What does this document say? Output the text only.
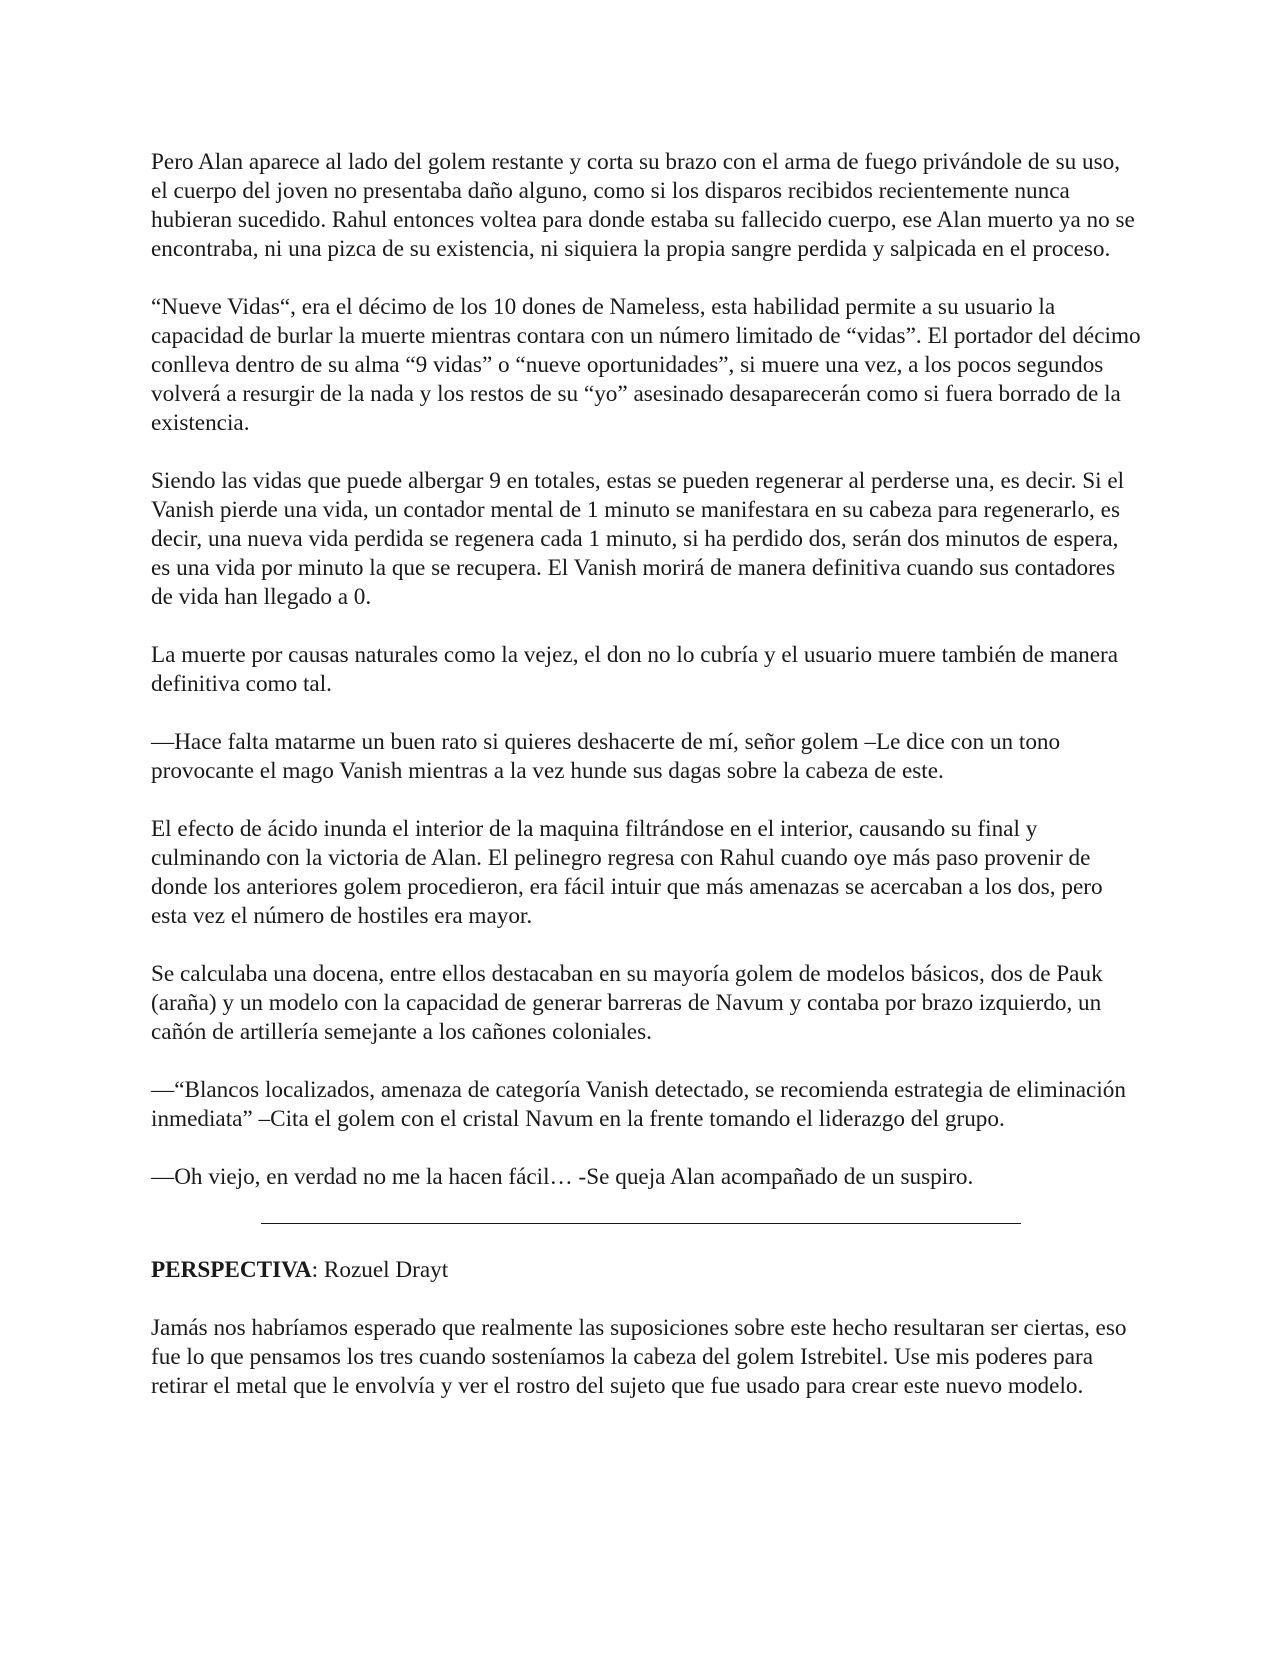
Pero Alan aparece al lado del golem restante y corta su brazo con el arma de fuego privándole de su uso, el cuerpo del joven no presentaba daño alguno, como si los disparos recibidos recientemente nunca hubieran sucedido. Rahul entonces voltea para donde estaba su fallecido cuerpo, ese Alan muerto ya no se encontraba, ni una pizca de su existencia, ni siquiera la propia sangre perdida y salpicada en el proceso.

“Nueve Vidas“, era el décimo de los 10 dones de Nameless, esta habilidad permite a su usuario la capacidad de burlar la muerte mientras contara con un número limitado de “vidas”. El portador del décimo conlleva dentro de su alma “9 vidas” o “nueve oportunidades”, si muere una vez, a los pocos segundos volverá a resurgir de la nada y los restos de su “yo” asesinado desaparecerán como si fuera borrado de la existencia.

Siendo las vidas que puede albergar 9 en totales, estas se pueden regenerar al perderse una, es decir. Si el Vanish pierde una vida, un contador mental de 1 minuto se manifestara en su cabeza para regenerarlo, es decir, una nueva vida perdida se regenera cada 1 minuto, si ha perdido dos, serán dos minutos de espera, es una vida por minuto la que se recupera. El Vanish morirá de manera definitiva cuando sus contadores de vida han llegado a 0.

La muerte por causas naturales como la vejez, el don no lo cubría y el usuario muere también de manera definitiva como tal.

—Hace falta matarme un buen rato si quieres deshacerte de mí, señor golem –Le dice con un tono provocante el mago Vanish mientras a la vez hunde sus dagas sobre la cabeza de este.

El efecto de ácido inunda el interior de la maquina filtrándose en el interior, causando su final y culminando con la victoria de Alan. El pelinegro regresa con Rahul cuando oye más paso provenir de donde los anteriores golem procedieron, era fácil intuir que más amenazas se acercaban a los dos, pero esta vez el número de hostiles era mayor.

Se calculaba una docena, entre ellos destacaban en su mayoría golem de modelos básicos, dos de Pauk (araña) y un modelo con la capacidad de generar barreras de Navum y contaba por brazo izquierdo, un cañón de artillería semejante a los cañones coloniales.

—“Blancos localizados, amenaza de categoría Vanish detectado, se recomienda estrategia de eliminación inmediata” –Cita el golem con el cristal Navum en la frente tomando el liderazgo del grupo.

—Oh viejo, en verdad no me la hacen fácil… -Se queja Alan acompañado de un suspiro.

PERSPECTIVA: Rozuel Drayt

Jamás nos habríamos esperado que realmente las suposiciones sobre este hecho resultaran ser ciertas, eso fue lo que pensamos los tres cuando sosteníamos la cabeza del golem Istrebitel. Use mis poderes para retirar el metal que le envolvía y ver el rostro del sujeto que fue usado para crear este nuevo modelo.
